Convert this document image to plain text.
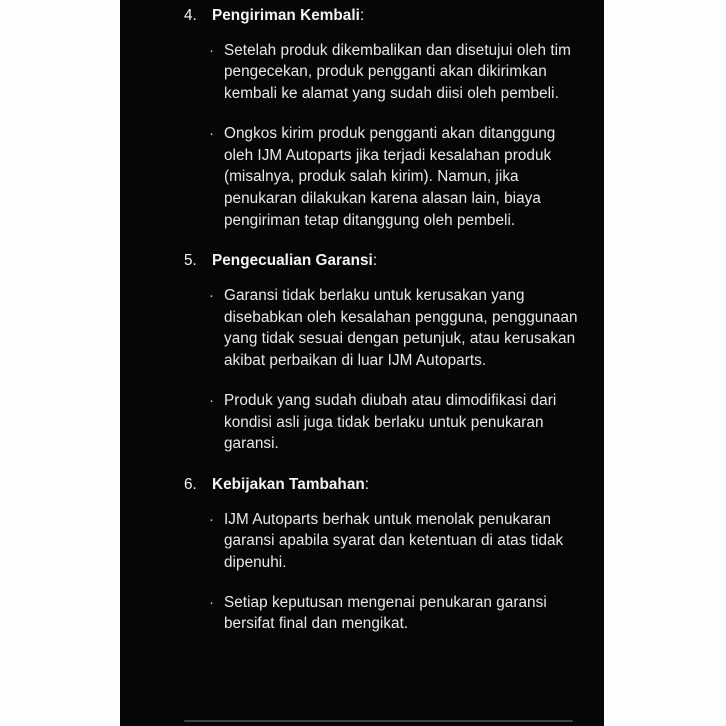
4. Pengiriman Kembali:
· Setelah produk dikembalikan dan disetujui oleh tim pengecekan, produk pengganti akan dikirimkan kembali ke alamat yang sudah diisi oleh pembeli.
· Ongkos kirim produk pengganti akan ditanggung oleh IJM Autoparts jika terjadi kesalahan produk (misalnya, produk salah kirim). Namun, jika penukaran dilakukan karena alasan lain, biaya pengiriman tetap ditanggung oleh pembeli.
5. Pengecualian Garansi:
· Garansi tidak berlaku untuk kerusakan yang disebabkan oleh kesalahan pengguna, penggunaan yang tidak sesuai dengan petunjuk, atau kerusakan akibat perbaikan di luar IJM Autoparts.
· Produk yang sudah diubah atau dimodifikasi dari kondisi asli juga tidak berlaku untuk penukaran garansi.
6. Kebijakan Tambahan:
· IJM Autoparts berhak untuk menolak penukaran garansi apabila syarat dan ketentuan di atas tidak dipenuhi.
· Setiap keputusan mengenai penukaran garansi bersifat final dan mengikat.
